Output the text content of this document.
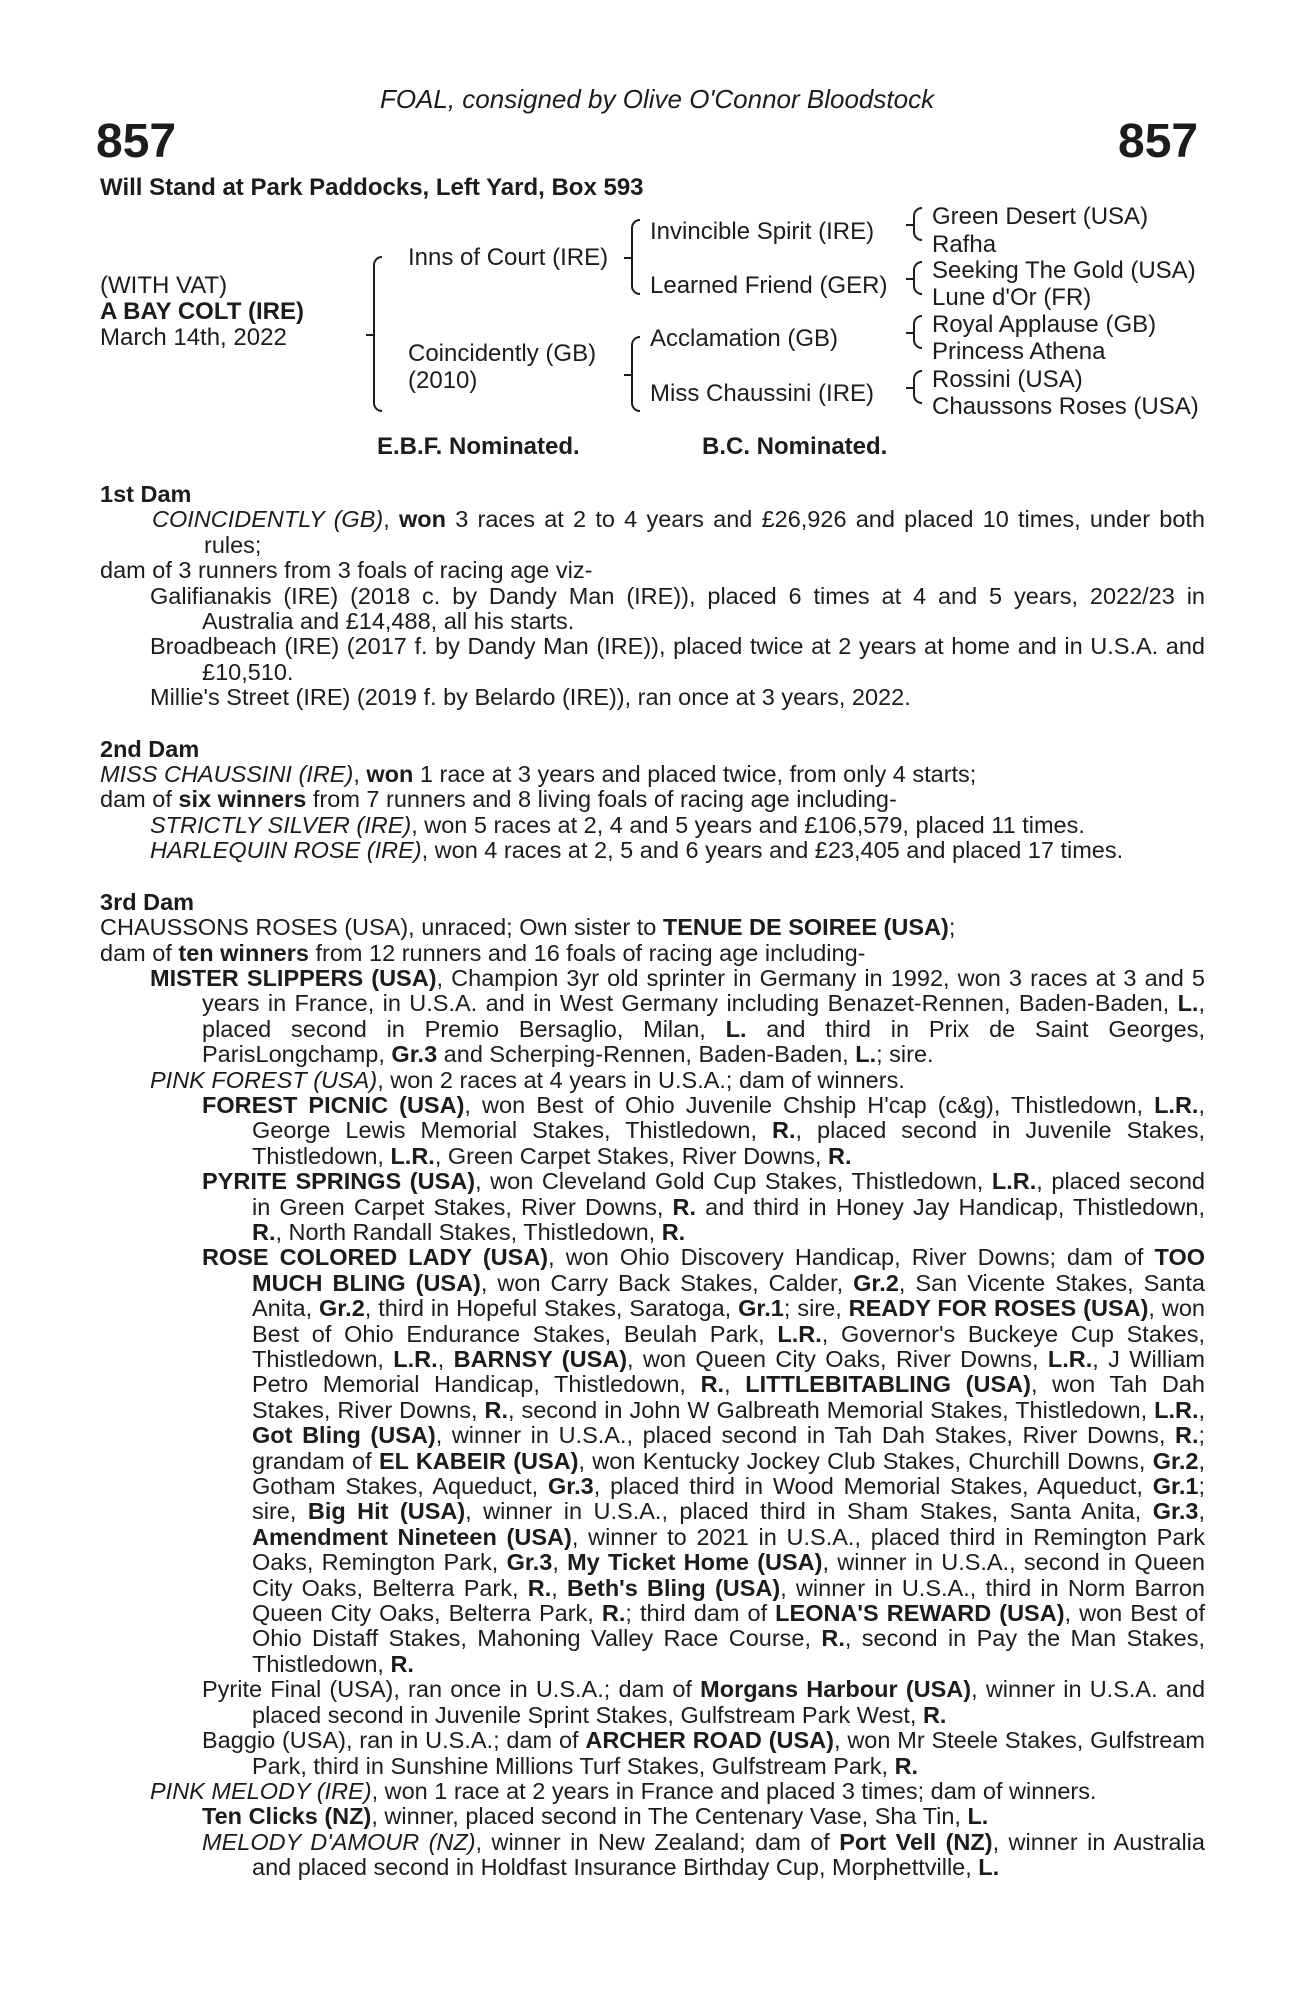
FOAL, consigned by Olive O'Connor Bloodstock
857	857
Will Stand at Park Paddocks, Left Yard, Box 593
(WITH VAT)
A BAY COLT (IRE)
March 14th, 2022
Inns of Court (IRE)
Coincidently (GB)
(2010)
Invincible Spirit (IRE)
Learned Friend (GER)
Acclamation (GB)
Miss Chaussini (IRE)
Green Desert (USA)
Rafha
Seeking The Gold (USA)
Lune d'Or (FR)
Royal Applause (GB)
Princess Athena
Rossini (USA)
Chaussons Roses (USA)
E.B.F. Nominated.	B.C. Nominated.

1st Dam

COINCIDENTLY (GB), won 3 races at 2 to 4 years and £26,926 and placed 10 times, under both rules;

dam of 3 runners from 3 foals of racing age viz-

Galifianakis (IRE) (2018 c. by Dandy Man (IRE)), placed 6 times at 4 and 5 years, 2022/23 in Australia and £14,488, all his starts.

Broadbeach (IRE) (2017 f. by Dandy Man (IRE)), placed twice at 2 years at home and in U.S.A. and £10,510.

Millie's Street (IRE) (2019 f. by Belardo (IRE)), ran once at 3 years, 2022.

2nd Dam

MISS CHAUSSINI (IRE), won 1 race at 3 years and placed twice, from only 4 starts;

dam of six winners from 7 runners and 8 living foals of racing age including-

STRICTLY SILVER (IRE), won 5 races at 2, 4 and 5 years and £106,579, placed 11 times.

HARLEQUIN ROSE (IRE), won 4 races at 2, 5 and 6 years and £23,405 and placed 17 times.

3rd Dam

CHAUSSONS ROSES (USA), unraced; Own sister to TENUE DE SOIREE (USA);

dam of ten winners from 12 runners and 16 foals of racing age including-

MISTER SLIPPERS (USA), Champion 3yr old sprinter in Germany in 1992, won 3 races at 3 and 5 years in France, in U.S.A. and in West Germany including Benazet-Rennen, Baden-Baden, L., placed second in Premio Bersaglio, Milan, L. and third in Prix de Saint Georges, ParisLongchamp, Gr.3 and Scherping-Rennen, Baden-Baden, L.; sire.

PINK FOREST (USA), won 2 races at 4 years in U.S.A.; dam of winners.

FOREST PICNIC (USA), won Best of Ohio Juvenile Chship H'cap (c&g), Thistledown, L.R., George Lewis Memorial Stakes, Thistledown, R., placed second in Juvenile Stakes, Thistledown, L.R., Green Carpet Stakes, River Downs, R.

PYRITE SPRINGS (USA), won Cleveland Gold Cup Stakes, Thistledown, L.R., placed second in Green Carpet Stakes, River Downs, R. and third in Honey Jay Handicap, Thistledown, R., North Randall Stakes, Thistledown, R.

ROSE COLORED LADY (USA), won Ohio Discovery Handicap, River Downs; dam of TOO MUCH BLING (USA), won Carry Back Stakes, Calder, Gr.2, San Vicente Stakes, Santa Anita, Gr.2, third in Hopeful Stakes, Saratoga, Gr.1; sire, READY FOR ROSES (USA), won Best of Ohio Endurance Stakes, Beulah Park, L.R., Governor's Buckeye Cup Stakes, Thistledown, L.R., BARNSY (USA), won Queen City Oaks, River Downs, L.R., J William Petro Memorial Handicap, Thistledown, R., LITTLEBITABLING (USA), won Tah Dah Stakes, River Downs, R., second in John W Galbreath Memorial Stakes, Thistledown, L.R., Got Bling (USA), winner in U.S.A., placed second in Tah Dah Stakes, River Downs, R.; grandam of EL KABEIR (USA), won Kentucky Jockey Club Stakes, Churchill Downs, Gr.2, Gotham Stakes, Aqueduct, Gr.3, placed third in Wood Memorial Stakes, Aqueduct, Gr.1; sire, Big Hit (USA), winner in U.S.A., placed third in Sham Stakes, Santa Anita, Gr.3, Amendment Nineteen (USA), winner to 2021 in U.S.A., placed third in Remington Park Oaks, Remington Park, Gr.3, My Ticket Home (USA), winner in U.S.A., second in Queen City Oaks, Belterra Park, R., Beth's Bling (USA), winner in U.S.A., third in Norm Barron Queen City Oaks, Belterra Park, R.; third dam of LEONA'S REWARD (USA), won Best of Ohio Distaff Stakes, Mahoning Valley Race Course, R., second in Pay the Man Stakes, Thistledown, R.

Pyrite Final (USA), ran once in U.S.A.; dam of Morgans Harbour (USA), winner in U.S.A. and placed second in Juvenile Sprint Stakes, Gulfstream Park West, R.

Baggio (USA), ran in U.S.A.; dam of ARCHER ROAD (USA), won Mr Steele Stakes, Gulfstream Park, third in Sunshine Millions Turf Stakes, Gulfstream Park, R.

PINK MELODY (IRE), won 1 race at 2 years in France and placed 3 times; dam of winners.

Ten Clicks (NZ), winner, placed second in The Centenary Vase, Sha Tin, L.

MELODY D'AMOUR (NZ), winner in New Zealand; dam of Port Vell (NZ), winner in Australia and placed second in Holdfast Insurance Birthday Cup, Morphettville, L.
